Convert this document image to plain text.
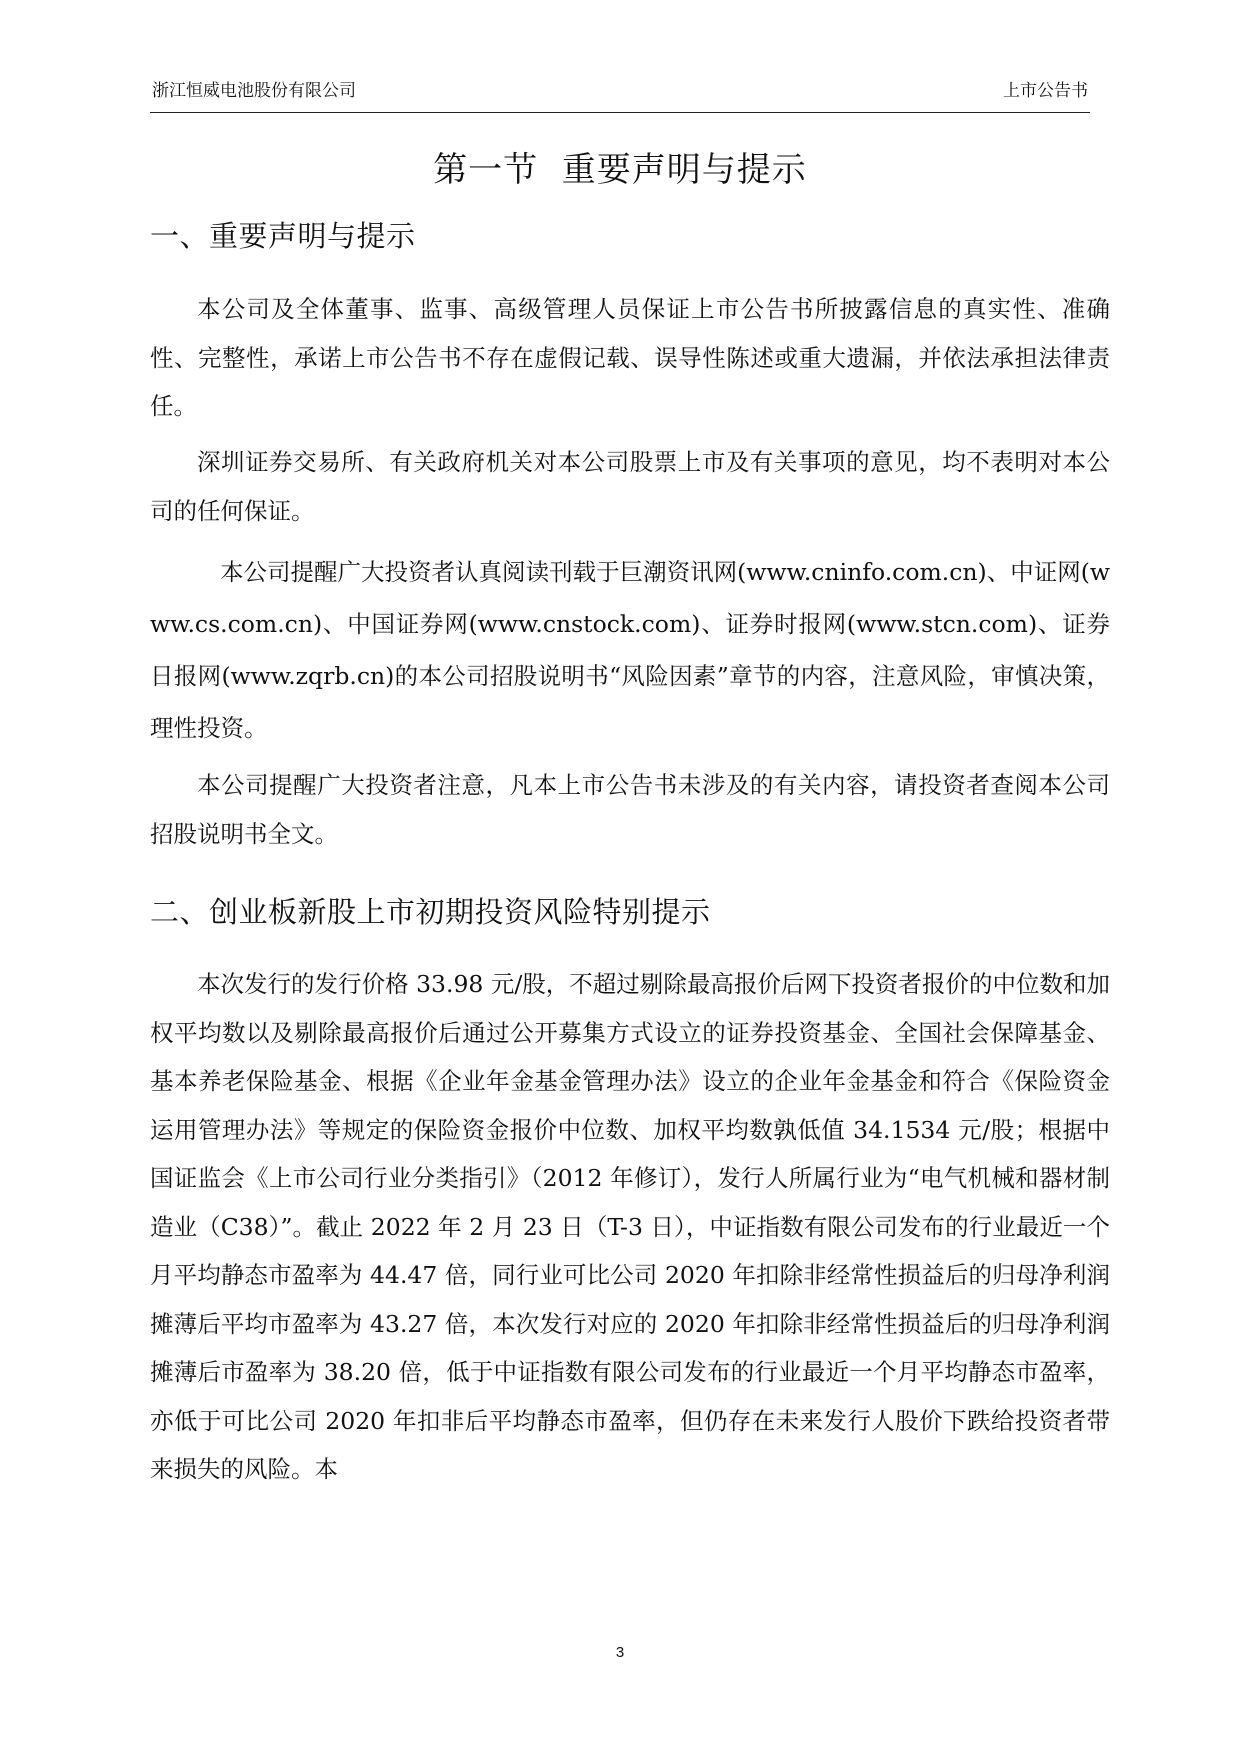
浙江恒威电池股份有限公司	上市公告书
第一节  重要声明与提示
一、重要声明与提示
本公司及全体董事、监事、高级管理人员保证上市公告书所披露信息的真实性、准确性、完整性，承诺上市公告书不存在虚假记载、误导性陈述或重大遗漏，并依法承担法律责任。
深圳证券交易所、有关政府机关对本公司股票上市及有关事项的意见，均不表明对本公司的任何保证。
本公司提醒广大投资者认真阅读刊载于巨潮资讯网(www.cninfo.com.cn)、中证网(www.cs.com.cn)、中国证券网(www.cnstock.com)、证券时报网(www.stcn.com)、证券日报网(www.zqrb.cn)的本公司招股说明书“风险因素”章节的内容，注意风险，审慎决策，理性投资。
本公司提醒广大投资者注意，凡本上市公告书未涉及的有关内容，请投资者查阅本公司招股说明书全文。
二、创业板新股上市初期投资风险特别提示
本次发行的发行价格 33.98 元/股，不超过剔除最高报价后网下投资者报价的中位数和加权平均数以及剔除最高报价后通过公开募集方式设立的证券投资基金、全国社会保障基金、基本养老保险基金、根据《企业年金基金管理办法》设立的企业年金基金和符合《保险资金运用管理办法》等规定的保险资金报价中位数、加权平均数孰低值 34.1534 元/股；根据中国证监会《上市公司行业分类指引》（2012 年修订），发行人所属行业为“电气机械和器材制造业（C38）”。截止 2022 年 2 月 23 日（T-3 日），中证指数有限公司发布的行业最近一个月平均静态市盈率为 44.47 倍，同行业可比公司 2020 年扣除非经常性损益后的归母净利润摊薄后平均市盈率为 43.27 倍，本次发行对应的 2020 年扣除非经常性损益后的归母净利润摊薄后市盈率为 38.20 倍，低于中证指数有限公司发布的行业最近一个月平均静态市盈率，亦低于可比公司 2020 年扣非后平均静态市盈率，但仍存在未来发行人股价下跌给投资者带来损失的风险。本
3
